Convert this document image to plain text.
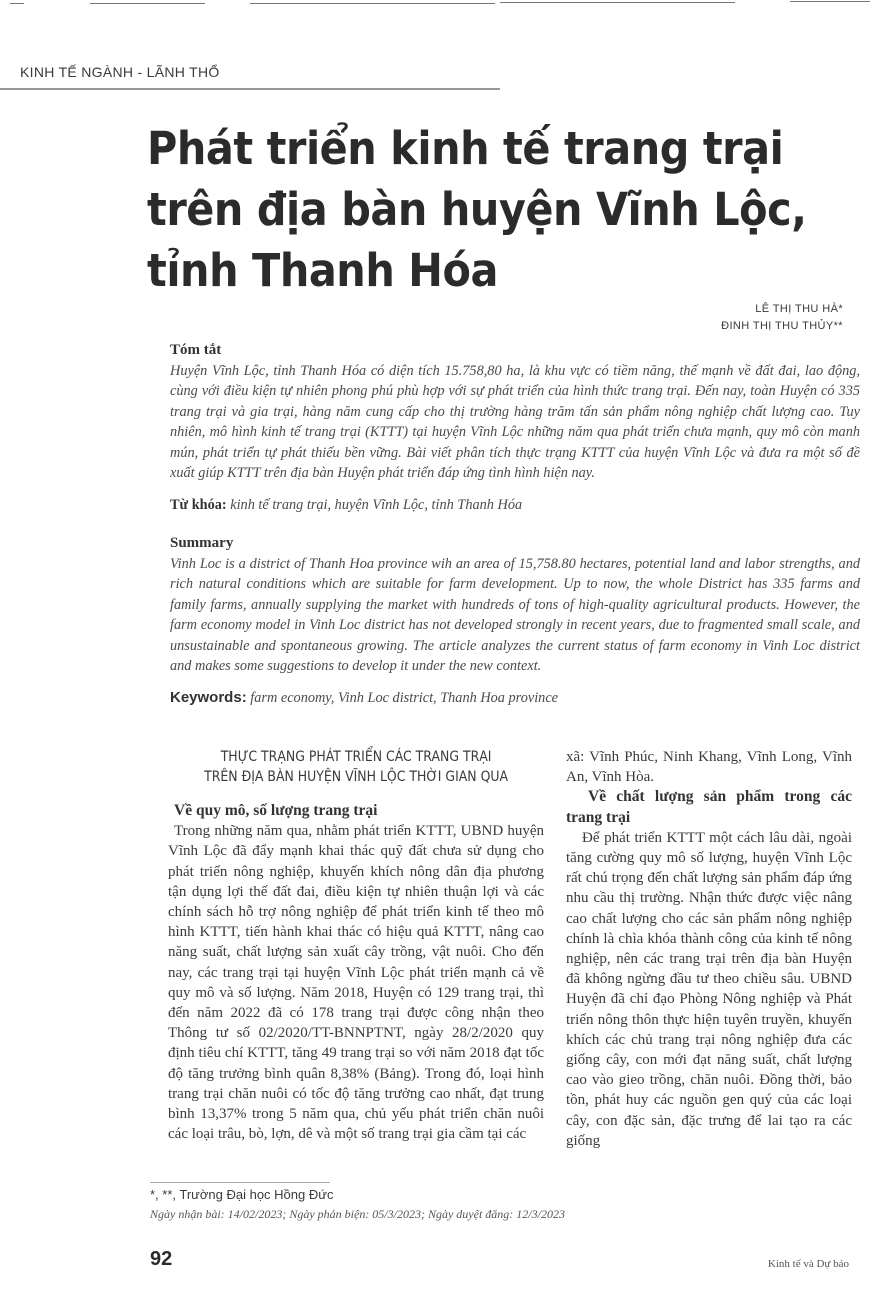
KINH TẾ NGÀNH - LÃNH THỔ
Phát triển kinh tế trang trại
trên địa bàn huyện Vĩnh Lộc,
tỉnh Thanh Hóa
LÊ THỊ THU HÀ*
ĐINH THỊ THU THỦY**
Tóm tắt

Huyện Vĩnh Lộc, tỉnh Thanh Hóa có diện tích 15.758,80 ha, là khu vực có tiềm năng, thế mạnh về đất đai, lao động, cùng với điều kiện tự nhiên phong phú phù hợp với sự phát triển của hình thức trang trại. Đến nay, toàn Huyện có 335 trang trại và gia trại, hàng năm cung cấp cho thị trường hàng trăm tấn sản phẩm nông nghiệp chất lượng cao. Tuy nhiên, mô hình kinh tế trang trại (KTTT) tại huyện Vĩnh Lộc những năm qua phát triển chưa mạnh, quy mô còn manh mún, phát triển tự phát thiếu bền vững. Bài viết phân tích thực trạng KTTT của huyện Vĩnh Lộc và đưa ra một số đề xuất giúp KTTT trên địa bàn Huyện phát triển đáp ứng tình hình hiện nay.

Từ khóa: kinh tế trang trại, huyện Vĩnh Lộc, tỉnh Thanh Hóa
Summary

Vinh Loc is a district of Thanh Hoa province wih an area of 15,758.80 hectares, potential land and labor strengths, and rich natural conditions which are suitable for farm development. Up to now, the whole District has 335 farms and family farms, annually supplying the market with hundreds of tons of high-quality agricultural products. However, the farm economy model in Vinh Loc district has not developed strongly in recent years, due to fragmented small scale, and unsustainable and spontaneous growing. The article analyzes the current status of farm economy in Vinh Loc district and makes some suggestions to develop it under the new context.

Keywords: farm economy, Vinh Loc district, Thanh Hoa province
THỰC TRẠNG PHÁT TRIỂN CÁC TRANG TRẠI
TRÊN ĐỊA BÀN HUYỆN VĨNH LỘC THỜI GIAN QUA
Về quy mô, số lượng trang trại

Trong những năm qua, nhằm phát triển KTTT, UBND huyện Vĩnh Lộc đã đẩy mạnh khai thác quỹ đất chưa sử dụng cho phát triển nông nghiệp, khuyến khích nông dân địa phương tận dụng lợi thế đất đai, điều kiện tự nhiên thuận lợi và các chính sách hỗ trợ nông nghiệp để phát triển kinh tế theo mô hình KTTT, tiến hành khai thác có hiệu quả KTTT, nâng cao năng suất, chất lượng sản xuất cây trồng, vật nuôi. Cho đến nay, các trang trại tại huyện Vĩnh Lộc phát triển mạnh cả về quy mô và số lượng. Năm 2018, Huyện có 129 trang trại, thì đến năm 2022 đã có 178 trang trại được công nhận theo Thông tư số 02/2020/TT-BNNPTNT, ngày 28/2/2020 quy định tiêu chí KTTT, tăng 49 trang trại so với năm 2018 đạt tốc độ tăng trưởng bình quân 8,38% (Bảng). Trong đó, loại hình trang trại chăn nuôi có tốc độ tăng trưởng cao nhất, đạt trung bình 13,37% trong 5 năm qua, chủ yếu phát triển chăn nuôi các loại trâu, bò, lợn, dê và một số trang trại gia cầm tại các

xã: Vĩnh Phúc, Ninh Khang, Vĩnh Long, Vĩnh An, Vĩnh Hòa.

Về chất lượng sản phẩm trong các trang trại

Để phát triển KTTT một cách lâu dài, ngoài tăng cường quy mô số lượng, huyện Vĩnh Lộc rất chú trọng đến chất lượng sản phẩm đáp ứng nhu cầu thị trường. Nhận thức được việc nâng cao chất lượng cho các sản phẩm nông nghiệp chính là chìa khóa thành công của kinh tế nông nghiệp, nên các trang trại trên địa bàn Huyện đã không ngừng đầu tư theo chiều sâu. UBND Huyện đã chỉ đạo Phòng Nông nghiệp và Phát triển nông thôn thực hiện tuyên truyền, khuyến khích các chủ trang trại nông nghiệp đưa các giống cây, con mới đạt năng suất, chất lượng cao vào gieo trồng, chăn nuôi. Đồng thời, bảo tồn, phát huy các nguồn gen quý của các loại cây, con đặc sản, đặc trưng để lai tạo ra các giống

*, **, Trường Đại học Hồng Đức
Ngày nhận bài: 14/02/2023; Ngày phản biện: 05/3/2023; Ngày duyệt đăng: 12/3/2023
92	Kinh tế và Dự báo
